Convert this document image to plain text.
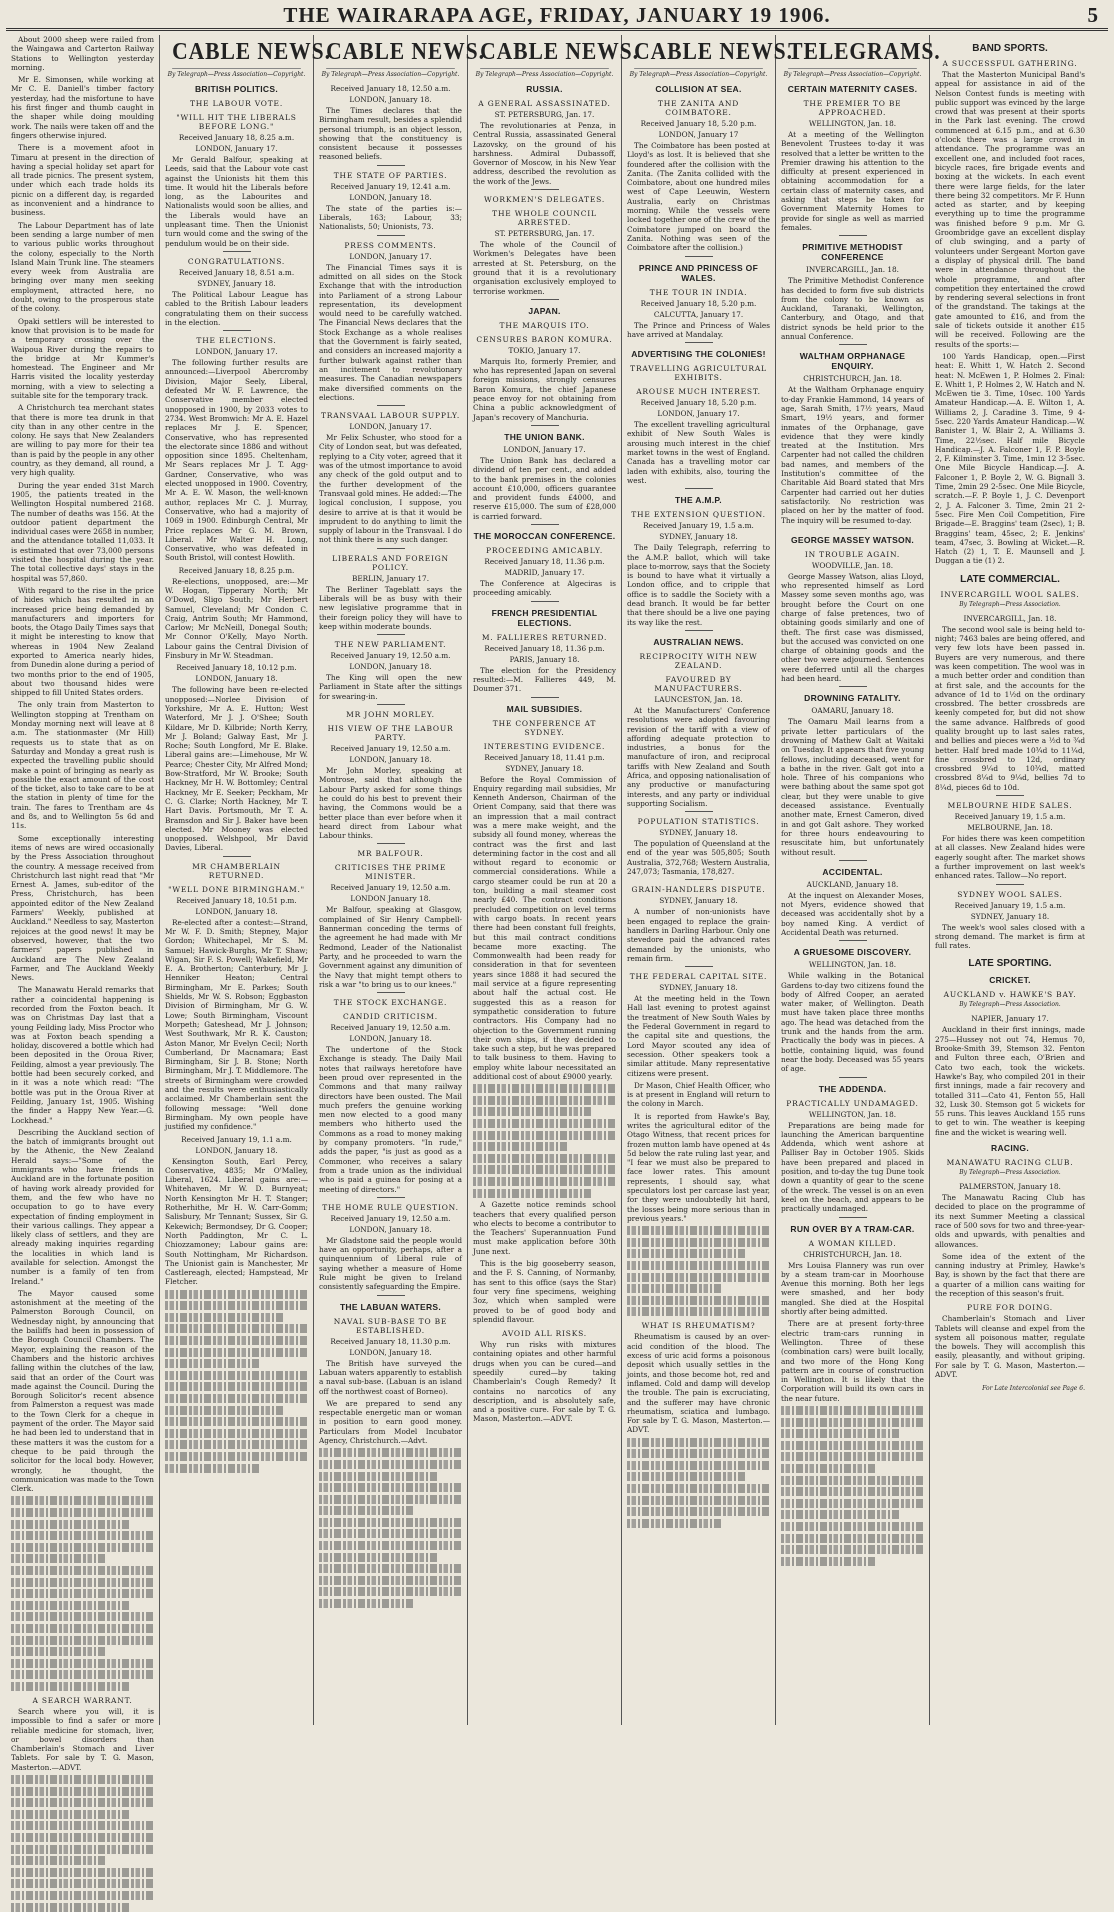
THE WAIRARAPA AGE, FRIDAY, JANUARY 19 1906.	5
About 2000 sheep were railed from the Waingawa and Carterton Railway Stations to Wellington yesterday morning.
Mr E. Simonsen, while working at Mr C. E. Daniell's timber factory yesterday, had the misfortune to have his first finger and thumb caught in the shaper while doing moulding work. The nails were taken off and the fingers otherwise injured.
There is a movement afoot in Timaru at present in the direction of having a special holiday set apart for all trade picnics. The present system, under which each trade holds its picnic on a different day, is regarded as inconvenient and a hindrance to business.
The Labour Department has of late been sending a large number of men to various public works throughout the colony, especially to the North Island Main Trunk line. The steamers every week from Australia are bringing over many men seeking employment, attracted here, no doubt, owing to the prosperous state of the colony.
Opaki settlers will be interested to know that provision is to be made for a temporary crossing over the Waipoua River during the repairs to the bridge at Mr Kummer's homestead. The Engineer and Mr Harris visited the locality yesterday morning, with a view to selecting a suitable site for the temporary track.
A Christchurch tea merchant states that there is more tea drunk in that city than in any other centre in the colony. He says that New Zealanders are willing to pay more for their tea than is paid by the people in any other country, as they demand, all round, a very high quality.
During the year ended 31st March 1905, the patients treated in the Wellington Hospital numbered 2168. The number of deaths was 156. At the outdoor patient department the individual cases were 2658 in number, and the attendance totalled 11,033. It is estimated that over 73,000 persons visited the hospital during the year. The total collective days' stays in the hospital was 57,860.
With regard to the rise in the price of hides which has resulted in an increased price being demanded by manufacturers and importers for boots, the Otago Daily Times says that it might be interesting to know that whereas in 1904 New Zealand exported to America nearly hides, from Dunedin alone during a period of two months prior to the end of 1905, about two thousand hides were shipped to fill United States orders.
The only train from Masterton to Wellington stopping at Trentham on Monday morning next will leave at 8 a.m. The stationmaster (Mr Hill) requests us to state that as on Saturday and Monday a great rush is expected the travelling public should make a point of bringing as nearly as possible the exact amount of the cost of the ticket, also to take care to be at the station in plenty of time for the train. The fares to Trentham are 4s and 8s, and to Wellington 5s 6d and 11s.
Some exceptionally interesting items of news are wired occasionally by the Press Association throughout the country. A message received from Christchurch last night read that "Mr Ernest A. James, sub-editor of the Press, Christchurch, has been appointed editor of the New Zealand Farmers' Weekly, published at Auckland." Needless to say, Masterton rejoices at the good news! It may be observed, however, that the two farmers' papers published in Auckland are The New Zealand Farmer, and The Auckland Weekly News.
The Manawatu Herald remarks that rather a coincidental happening is recorded from the Foxton beach. It was on Christmas Day last that a young Feilding lady, Miss Proctor who was at Foxton beach spending a holiday, discovered a bottle which had been deposited in the Oroua River, Feilding, almost a year previously. The bottle had been securely corked, and in it was a note which read: "The bottle was put in the Oroua River at Feilding, January 1st, 1905. Wishing the finder a Happy New Year.—G. Lockhead."
Describing the Auckland section of the batch of immigrants brought out by the Athenic, the New Zealand Herald says:—"Some of the immigrants who have friends in Auckland are in the fortunate position of having work already provided for them, and the few who have no occupation to go to have every expectation of finding employment in their various callings. They appear a likely class of settlers, and they are already making inquiries regarding the localities in which land is available for selection. Amongst the number is a family of ten from Ireland."
The Mayor caused some astonishment at the meeting of the Palmerston Borough Council, on Wednesday night, by announcing that the bailiffs had been in possession of the Borough Council Chambers. The Mayor, explaining the reason of the Chambers and the historic archives falling within the clutches of the law, said that an order of the Court was made against the Council. During the Borough Solicitor's recent absence from Palmerston a request was made to the Town Clerk for a cheque in payment of the order. The Mayor said he had been led to understand that in these matters it was the custom for a cheque to be paid through the solicitor for the local body. However, wrongly, he thought, the communication was made to the Town Clerk.
A SEARCH WARRANT.
Search where you will, it is impossible to find a safer or more reliable medicine for stomach, liver, or bowel disorders than Chamberlain's Stomach and Liver Tablets. For sale by T. G. Mason, Masterton.—ADVT.
CABLE NEWS.
By Telegraph—Press Association—Copyright.
BRITISH POLITICS.
THE LABOUR VOTE.
"WILL HIT THE LIBERALS BEFORE LONG."
Received January 18, 8.25 a.m.
LONDON, January 17.
Mr Gerald Balfour, speaking at Leeds, said that the Labour vote cast against the Unionists hit them this time. It would hit the Liberals before long, as the Labourites and Nationalists would soon be allies, and the Liberals would have an unpleasant time. Then the Unionist turn would come and the swing of the pendulum would be on their side.
CONGRATULATIONS.
Received January 18, 8.51 a.m.
SYDNEY, January 18.
The Political Labour League has cabled to the British Labour leaders congratulating them on their success in the election.
THE ELECTIONS.
LONDON, January 17.
The following further results are announced:—Liverpool Abercromby Division, Major Seely, Liberal, defeated Mr W. F. Lawrence, the Conservative member elected unopposed in 1900, by 2033 votes to 2734. West Bromwich: Mr A. E. Hazel replaces Mr J. E. Spencer, Conservative, who has represented the electorate since 1886 and without opposition since 1895. Cheltenham, Mr Sears replaces Mr J. T. Agg-Gardner, Conservative, who was elected unopposed in 1900. Coventry, Mr A. E. W. Mason, the well-known author, replaces Mr C. J. Murray, Conservative, who had a majority of 1069 in 1900. Edinburgh Central, Mr Price replaces Mr G. M. Brown, Liberal. Mr Walter H. Long, Conservative, who was defeated in South Bristol, will contest Howlith.
Received January 18, 8.25 p.m.
Re-elections, unopposed, are:—Mr W. Hogan, Tipperary North; Mr O'Dowd, Sligo South; Mr Herbert Samuel, Cleveland; Mr Condon C. Craig, Antrim South; Mr Hammond, Carlow; Mr McNeill, Donegal South; Mr Connor O'Kelly, Mayo North. Labour gains the Central Division of Finsbury in Mr W. Steadman.
Received January 18, 10.12 p.m.
LONDON, January 18.
The following have been re-elected unopposed:—Norlee Division of Yorkshire, Mr A. E. Hutton; West Waterford, Mr J. J. O'Shee; South Kildare, Mr D. Kilbride; North Kerry, Mr J. Boland; Galway East, Mr J. Roche; South Longford, Mr E. Blake. Liberal gains are:—Limehouse, Mr W. Pearce; Chester City, Mr Alfred Mond; Bow-Stratford, Mr W. Brooke; South Hackney, Mr H. W. Bottomley; Central Hackney, Mr E. Seeker; Peckham, Mr C. G. Clarke; North Hackney, Mr T. Hart Davis. Portsmouth, Mr T. A. Bramsdon and Sir J. Baker have been elected. Mr Mooney was elected unopposed. Welshpool, Mr David Davies, Liberal.
MR CHAMBERLAIN RETURNED.
"WELL DONE BIRMINGHAM."
Received January 18, 10.51 p.m.
LONDON, January 18.
Re-elected after a contest:—Strand, Mr W. F. D. Smith; Stepney, Major Gordon; Whitechapel, Mr S. M. Samuel; Hawick-Burghs, Mr T. Shaw; Wigan, Sir F. S. Powell; Wakefield, Mr E. A. Brotherton; Canterbury, Mr J. Henniker Heaton; Central Birmingham, Mr E. Parkes; South Shields, Mr W. S. Robson; Eggbaston Division of Birmingham, Mr G. W. Lowe; South Birmingham, Viscount Morpeth; Gateshead, Mr J. Johnson; West Southwark, Mr R. K. Causton; Aston Manor, Mr Evelyn Cecil; North Cumberland, Dr Macnamara; East Birmingham, Sir J. B. Stone; North Birmingham, Mr J. T. Middlemore. The streets of Birmingham were crowded and the results were enthusiastically acclaimed. Mr Chamberlain sent the following message: "Well done Birmingham. My own people have justified my confidence."
Received January 19, 1.1 a.m.
LONDON, January 18.
Kensington South, Earl Percy, Conservative, 4835; Mr O'Malley, Liberal, 1624. Liberal gains are:—Whitehaven, Mr W. D. Burnyeat; North Kensington Mr H. T. Stanger; Rotherhithe, Mr H. W. Carr-Gomm; Salisbury, Mr Tennant; Sussex, Sir G. Kekewich; Bermondsey, Dr G. Cooper; North Paddington, Mr C. L. Chiozzamoney; Labour gains are: South Nottingham, Mr Richardson. The Unionist gain is Manchester, Mr Castlereagh, elected; Hampstead, Mr Fletcher.
CABLE NEWS.
By Telegraph—Press Association—Copyright.
Received January 18, 12.50 a.m.
LONDON, January 18.
The Times declares that the Birmingham result, besides a splendid personal triumph, is an object lesson, showing that the constituency is consistent because it possesses reasoned beliefs.
THE STATE OF PARTIES.
Received January 19, 12.41 a.m.
LONDON, January 18.
The state of the parties is:—Liberals, 163; Labour, 33; Nationalists, 50; Unionists, 73.
PRESS COMMENTS.
LONDON, January 17.
The Financial Times says it is admitted on all sides on the Stock Exchange that with the introduction into Parliament of a strong Labour representation, its development would need to be carefully watched. The Financial News declares that the Stock Exchange as a whole realises that the Government is fairly seated, and considers an increased majority a further bulwark against rather than an incitement to revolutionary measures. The Canadian newspapers make diversified comments on the elections.
TRANSVAAL LABOUR SUPPLY.
LONDON, January 17.
Mr Felix Schuster, who stood for a City of London seat, but was defeated, replying to a City voter, agreed that it was of the utmost importance to avoid any check of the gold output and to the further development of the Transvaal gold mines. He added:—The logical conclusion, I suppose, you desire to arrive at is that it would be imprudent to do anything to limit the supply of labour in the Transvaal. I do not think there is any such danger.
LIBERALS AND FOREIGN POLICY.
BERLIN, January 17.
The Berliner Tageblatt says the Liberals will be as busy with their new legislative programme that in their foreign policy they will have to keep within moderate bounds.
THE NEW PARLIAMENT.
Received January 19, 12.50 a.m.
LONDON, January 18.
The King will open the new Parliament in State after the sittings for swearing-in.
MR JOHN MORLEY.
HIS VIEW OF THE LABOUR PARTY.
Received January 19, 12.50 a.m.
LONDON, January 18.
Mr John Morley, speaking at Montrose, said that although the Labour Party asked for some things he could do his best to prevent their having, the Commons would be a better place than ever before when it heard direct from Labour what Labour thinks.
MR BALFOUR.
CRITICISES THE PRIME MINISTER.
Received January 19, 12.50 a.m.
LONDON January 18.
Mr Balfour, speaking at Glasgow, complained of Sir Henry Campbell-Bannerman conceding the terms of the agreement he had made with Mr Redmond, Leader of the Nationalist Party, and he proceeded to warn the Government against any dimunition of the Navy that might tempt others to risk a war "to bring us to our knees."
THE STOCK EXCHANGE.
CANDID CRITICISM.
Received January 19, 12.50 a.m.
LONDON, January 18.
The undertone of the Stock Exchange is steady. The Daily Mail notes that railways heretofore have been proud over represented in the Commons and that many railway directors have been ousted. The Mail much prefers the genuine working men now elected to a good many members who hitherto used the Commons as a road to money making by company promoters. "In rude," adds the paper, "is just as good as a Commoner, who receives a salary from a trade union as the individual who is paid a guinea for posing at a meeting of directors."
THE HOME RULE QUESTION.
Received January 19, 12.50 a.m.
LONDON, January 18.
Mr Gladstone said the people would have an opportunity, perhaps, after a quinquennium of Liberal rule of saying whether a measure of Home Rule might be given to Ireland consistently safeguarding the Empire.
THE LABUAN WATERS.
NAVAL SUB-BASE TO BE ESTABLISHED.
Received January 18, 11.30 p.m.
LONDON, January 18.
The British have surveyed the Labuan waters apparently to establish a naval sub-base. (Labuan is an island off the northwest coast of Borneo).
We are prepared to send any respectable energetic man or woman in position to earn good money. Particulars from Model Incubator Agency, Christchurch.—Advt.
CABLE NEWS.
By Telegraph—Press Association—Copyright.
RUSSIA.
A GENERAL ASSASSINATED.
ST. PETERSBURG, Jan. 17.
The revolutionaries at Penza, in Central Russia, assassinated General Lazovsky, on the ground of his harshness. Admiral Dubassoff, Governor of Moscow, in his New Year address, described the revolution as the work of the Jews.
WORKMEN'S DELEGATES.
THE WHOLE COUNCIL ARRESTED.
ST. PETERSBURG, Jan. 17.
The whole of the Council of Workmen's Delegates have been arrested at St. Petersburg, on the ground that it is a revolutionary organisation exclusively employed to terrorise workmen.
JAPAN.
THE MARQUIS ITO.
CENSURES BARON KOMURA.
TOKIO, January 17.
Marquis Ito, formerly Premier, and who has represented Japan on several foreign missions, strongly censures Baron Komura, the chief Japanese peace envoy for not obtaining from China a public acknowledgment of Japan's recovery of Manchuria.
THE UNION BANK.
LONDON, January 17.
The Union Bank has declared a dividend of ten per cent., and added to the bank premises in the colonies account £10,000, officers guarantee and provident funds £4000, and reserve £15,000. The sum of £28,000 is carried forward.
THE MOROCCAN CONFERENCE.
PROCEEDING AMICABLY.
Received January 18, 11.36 p.m.
MADRID, January 17.
The Conference at Algeciras is proceeding amicably.
FRENCH PRESIDENTIAL ELECTIONS.
M. FALLIERES RETURNED.
Received January 18, 11.36 p.m.
PARIS, January 18.
The election for the Presidency resulted:—M. Fallieres 449, M. Doumer 371.
MAIL SUBSIDIES.
THE CONFERENCE AT SYDNEY.
INTERESTING EVIDENCE.
Received January 18, 11.41 p.m.
SYDNEY, January 18.
Before the Royal Commission of Enquiry regarding mail subsidies, Mr Kenneth Anderson, Chairman of the Orient Company, said that there was an impression that a mail contract was a mere make weight, and the subsidy all found money, whereas the contract was the first and last determining factor in the cost and all without regard to economic or commercial considerations. While a cargo steamer could be run at 20 a ton, building a mail steamer cost nearly £40. The contract conditions precluded competition on level terms with cargo boats. In recent years there had been constant full freights, but this mail contract conditions became more exacting. The Commonwealth had been ready for consideration in that for seventeen years since 1888 it had secured the mail service at a figure representing about half the actual cost. He suggested this as a reason for sympathetic consideration to future contractors. His Company had no objection to the Government running their own ships, if they decided to take such a step, but he was prepared to talk business to them. Having to employ white labour necessitated an additional cost of about £9000 yearly.
A Gazette notice reminds school teachers that every qualified person who elects to become a contributor to the Teachers' Superannuation Fund must make application before 30th June next.
This is the big gooseberry season, and the F. S. Canning, of Normanby, has sent to this office (says the Star) four very fine specimens, weighing 3oz, which when sampled were proved to be of good body and splendid flavour.
AVOID ALL RISKS.
Why run risks with mixtures containing opiates and other harmful drugs when you can be cured—and speedily cured—by taking Chamberlain's Cough Remedy? It contains no narcotics of any description, and is absolutely safe, and a positive cure. For sale by T. G. Mason, Masterton.—ADVT.
CABLE NEWS.
By Telegraph—Press Association—Copyright.
COLLISION AT SEA.
THE ZANITA AND COIMBATORE.
Received January 18, 5.20 p.m.
LONDON, January 17
The Coimbatore has been posted at Lloyd's as lost. It is believed that she foundered after the collision with the Zanita. (The Zanita collided with the Coimbatore, about one hundred miles west of Cape Leeuwin, Western Australia, early on Christmas morning. While the vessels were locked together one of the crew of the Coimbatore jumped on board the Zanita. Nothing was seen of the Coimbatore after the collision.)
PRINCE AND PRINCESS OF WALES.
THE TOUR IN INDIA.
Received January 18, 5.20 p.m.
CALCUTTA, January 17.
The Prince and Princess of Wales have arrived at Mandalay.
ADVERTISING THE COLONIES!
TRAVELLING AGRICULTURAL EXHIBITS.
AROUSE MUCH INTEREST.
Received January 18, 5.20 p.m.
LONDON, January 17.
The excellent travelling agricultural exhibit of New South Wales is arousing much interest in the chief market towns in the west of England. Canada has a travelling motor car laden with exhibits, also, touring the west.
THE A.M.P.
THE EXTENSION QUESTION.
Received January 19, 1.5 a.m.
SYDNEY, January 18.
The Daily Telegraph, referring to the A.M.P. ballot, which will take place to-morrow, says that the Society is bound to have what it virtually a London office, and to cripple that office is to saddle the Society with a dead branch. It would be far better that there should be a live one paying its way like the rest.
AUSTRALIAN NEWS.
RECIPROCITY WITH NEW ZEALAND.
FAVOURED BY MANUFACTURERS.
LAUNCESTON, Jan. 18.
At the Manufacturers' Conference resolutions were adopted favouring revision of the tariff with a view of affording adequate protection to industries, a bonus for the manufacture of iron, and reciprocal tariffs with New Zealand and South Africa, and opposing nationalisation of any productive or manufacturing interests, and any party or individual supporting Socialism.
POPULATION STATISTICS.
SYDNEY, January 18.
The population of Queensland at the end of the year was 505,805; South Australia, 372,768; Western Australia, 247,073; Tasmania, 178,827.
GRAIN-HANDLERS DISPUTE.
SYDNEY, January 18.
A number of non-unionists have been engaged to replace the grain-handlers in Darling Harbour. Only one stevedore paid the advanced rates demanded by the unionists, who remain firm.
THE FEDERAL CAPITAL SITE.
SYDNEY, January 18.
At the meeting held in the Town Hall last evening to protest against the treatment of New South Wales by the Federal Government in regard to the capital site and questions, the Lord Mayor scouted any idea of secession. Other speakers took a similar attitude. Many representative citizens were present.
Dr Mason, Chief Health Officer, who is at present in England will return to the colony in March.
It is reported from Hawke's Bay, writes the agricultural editor of the Otago Witness, that recent prices for frozen mutton lamb have opened at 4s 5d below the rate ruling last year, and "I fear we must also be prepared to face lower rates. This amount represents, I should say, what speculators lost per carcase last year, for they were undoubtedly hit hard, the losses being more serious than in previous years."
WHAT IS RHEUMATISM?
Rheumatism is caused by an over-acid condition of the blood. The excess of uric acid forms a poisonous deposit which usually settles in the joints, and those become hot, red and inflamed. Cold and damp will develop the trouble. The pain is excruciating, and the sufferer may have chronic rheumatism, sciatica and lumbago. For sale by T. G. Mason, Masterton.—ADVT.
TELEGRAMS.
By Telegraph—Press Association—Copyright.
CERTAIN MATERNITY CASES.
THE PREMIER TO BE APPROACHED.
WELLINGTON, Jan. 18.
At a meeting of the Wellington Benevolent Trustees to-day it was resolved that a letter be written to the Premier drawing his attention to the difficulty at present experienced in obtaining accommodation for a certain class of maternity cases, and asking that steps be taken for Government Maternity Homes to provide for single as well as married females.
PRIMITIVE METHODIST CONFERENCE
INVERCARGILL, Jan. 18.
The Primitive Methodist Conference has decided to form five sub districts from the colony to be known as Auckland, Taranaki, Wellington, Canterbury, and Otago, and that district synods be held prior to the annual Conference.
WALTHAM ORPHANAGE ENQUIRY.
CHRISTCHURCH, Jan. 18.
At the Waltham Orphanage enquiry to-day Frankie Hammond, 14 years of age, Sarah Smith, 17½ years, Maud Smart, 19½ years, and former inmates of the Orphanage, gave evidence that they were kindly treated at the Institution. Mrs Carpenter had not called the children bad names, and members of the Institution's committee of the Charitable Aid Board stated that Mrs Carpenter had carried out her duties satisfactorily. No restriction was placed on her by the matter of food. The inquiry will be resumed to-day.
GEORGE MASSEY WATSON.
IN TROUBLE AGAIN.
WOODVILLE, Jan. 18.
George Massey Watson, alias Lloyd, who represented himself as Lord Massey some seven months ago, was brought before the Court on one charge of false pretences, two of obtaining goods similarly and one of theft. The first case was dismissed, but the accused was convicted on one charge of obtaining goods and the other two were adjourned. Sentences were deferred until all the charges had been heard.
DROWNING FATALITY.
OAMARU, January 18.
The Oamaru Mail learns from a private letter particulars of the drowning of Mathew Galt at Waitaki on Tuesday. It appears that five young fellows, including deceased, went for a bathe in the river. Galt got into a hole. Three of his companions who were bathing about the same spot got clear, but they were unable to give deceased assistance. Eventually another mate, Ernest Cameron, dived in and got Galt ashore. They worked for three hours endeavouring to resuscitate him, but unfortunately without result.
ACCIDENTAL.
AUCKLAND, January 18.
At the inquest on Alexander Moses, not Myers, evidence showed that deceased was accidentally shot by a boy named King. A verdict of Accidental Death was returned.
A GRUESOME DISCOVERY.
WELLINGTON, Jan. 18.
While walking in the Botanical Gardens to-day two citizens found the body of Alfred Cooper, an aerated water maker, of Wellington. Death must have taken place three months ago. The head was detached from the trunk and the hands from the arm. Practically the body was in pieces. A bottle, containing liquid, was found near the body. Deceased was 55 years of age.
THE ADDENDA.
PRACTICALLY UNDAMAGED.
WELLINGTON, Jan. 18.
Preparations are being made for launching the American barquentine Addenda, which went ashore at Palliser Bay in October 1905. Skids have been prepared and placed in position, and to-day the tug Dune took down a quantity of gear to the scene of the wreck. The vessel is on an even keel on the beach, and appears to be practically undamaged.
RUN OVER BY A TRAM-CAR.
A WOMAN KILLED.
CHRISTCHURCH, Jan. 18.
Mrs Louisa Flannery was run over by a steam tram-car in Moorhouse Avenue this morning. Both her legs were smashed, and her body mangled. She died at the Hospital shortly after being admitted.
There are at present forty-three electric tram-cars running in Wellington. Three of these (combination cars) were built locally, and two more of the Hong Kong pattern are in course of construction in Wellington. It is likely that the Corporation will build its own cars in the near future.
BAND SPORTS.
A SUCCESSFUL GATHERING.
That the Masterton Municipal Band's appeal for assistance in aid of the Nelson Contest funds is meeting with public support was evinced by the large crowd that was present at their sports in the Park last evening. The crowd commenced at 6.15 p.m., and at 6.30 o'clock there was a large crowd in attendance. The programme was an excellent one, and included foot races, bicycle races, fire brigade events and boxing at the wickets. In each event there were large fields, for the later there being 32 competitors. Mr F. Hunn acted as starter, and by keeping everything up to time the programme was finished before 9 p.m. Mr G. Groombridge gave an excellent display of club swinging, and a party of volunteers under Sergeant Morton gave a display of physical drill. The band were in attendance throughout the whole programme, and after competition they entertained the crowd by rendering several selections in front of the grandstand. The takings at the gate amounted to £16, and from the sale of tickets outside it another £15 will be received. Following are the results of the sports:—
100 Yards Handicap, open.—First heat: E. Whitt 1, W. Hatch 2. Second heat: N. McEwen 1, P. Holmes 2. Final: E. Whitt 1, P. Holmes 2, W. Hatch and N. McEwen tie 3. Time, 10sec. 100 Yards Amateur Handicap.—A. E. Wilton 1, A. Williams 2, J. Caradine 3. Time, 9 4-5sec. 220 Yards Amateur Handicap.—W. Banister 1, W. Blair 2, A. Williams 3. Time, 22½sec. Half mile Bicycle Handicap.—J. A. Falconer 1, F. P. Boyle 2, F. Kilminster 3. Time, 1min 12 3-5sec. One Mile Bicycle Handicap.—J. A. Falconer 1, P. Boyle 2, W. G. Bignall 3. Time, 2min 29 2-5sec. One Mile Bicycle, scratch.—F. P. Boyle 1, J. C. Devenport 2, J. A. Falconer 3. Time, 2min 21 2-5sec. Fire Men Coil Competition, Fire Brigade—E. Braggins' team (2sec), 1; B. Braggins' team, 45sec, 2; E. Jenkins' team, 47sec, 3. Bowling at Wicket.—R. Hatch (2) 1, T. E. Maunsell and J. Duggan a tie (1) 2.
LATE COMMERCIAL.
INVERCARGILL WOOL SALES.
By Telegraph—Press Association.
INVERCARGILL, Jan. 18.
The second wool sale is being held to-night; 7463 bales are being offered, and very few lots have been passed in. Buyers are very numerous, and there was keen competition. The wool was in a much better order and condition than at first sale, and the accounts for the advance of 1d to 1½d on the ordinary crossbred. The better crossbreds are keenly competed for, but did not show the same advance. Halfbreds of good quality brought up to last sales rates, and bellies and pieces were a ½d to ¾d better. Half bred made 10¾d to 11¼d, fine crossbred to 12d, ordinary crossbred 9¼d to 10¾d, matted crossbred 8¼d to 9¼d, bellies 7d to 8¼d, pieces 6d to 10d.
MELBOURNE HIDE SALES.
Received January 19, 1.5 a.m.
MELBOURNE, Jan. 18.
For hides there was keen competition at all classes. New Zealand hides were eagerly sought after. The market shows a further improvement on last week's enhanced rates. Tallow—No report.
SYDNEY WOOL SALES.
Received January 19, 1.5 a.m.
SYDNEY, January 18.
The week's wool sales closed with a strong demand. The market is firm at full rates.
LATE SPORTING.
CRICKET.
AUCKLAND v. HAWKE'S BAY.
By Telegraph—Press Association.
NAPIER, January 17.
Auckland in their first innings, made 275—Hussey not out 74, Hemus 70, Brooke-Smith 39, Stemson 32. Fenton and Fulton three each, O'Brien and Cato two each, took the wickets. Hawke's Bay, who compiled 201 in their first innings, made a fair recovery and totalled 311—Cato 41, Fenton 55, Hall 32, Lusk 30. Stemson got 5 wickets for 55 runs. This leaves Auckland 155 runs to get to win. The weather is keeping fine and the wicket is wearing well.
RACING.
MANAWATU RACING CLUB.
By Telegraph—Press Association.
PALMERSTON, January 18.
The Manawatu Racing Club has decided to place on the programme of its next Summer Meeting a classical race of 500 sovs for two and three-year-olds and upwards, with penalties and allowances.
Some idea of the extent of the canning industry at Primley, Hawke's Bay, is shown by the fact that there are a quarter of a million cans waiting for the reception of this season's fruit.
PURE FOR DOING.
Chamberlain's Stomach and Liver Tablets will cleanse and expel from the system all poisonous matter, regulate the bowels. They will accomplish this easily, pleasantly, and without griping. For sale by T. G. Mason, Masterton.—ADVT.
For Late Intercolonial see Page 6.
